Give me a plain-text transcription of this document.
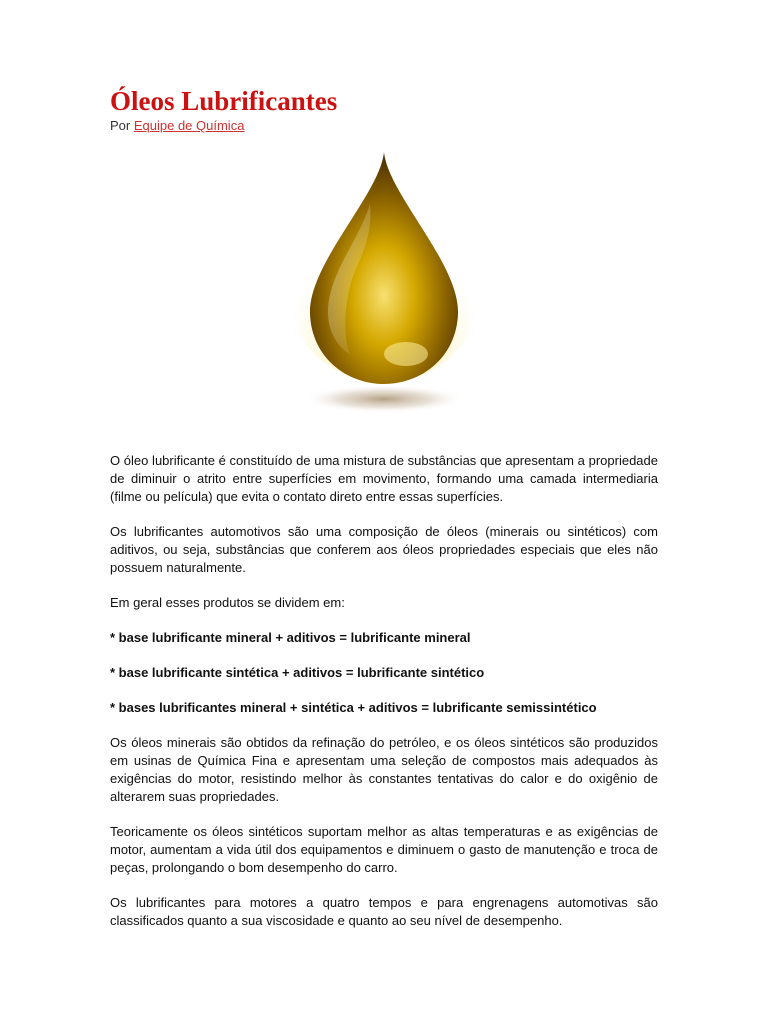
Óleos Lubrificantes
Por Equipe de Química

O óleo lubrificante é constituído de uma mistura de substâncias que apresentam a propriedade de diminuir o atrito entre superfícies em movimento, formando uma camada intermediaria (filme ou película) que evita o contato direto entre essas superfícies.

Os lubrificantes automotivos são uma composição de óleos (minerais ou sintéticos) com aditivos, ou seja, substâncias que conferem aos óleos propriedades especiais que eles não possuem naturalmente.

Em geral esses produtos se dividem em:

* base lubrificante mineral + aditivos = lubrificante mineral

* base lubrificante sintética + aditivos = lubrificante sintético

* bases lubrificantes mineral + sintética + aditivos = lubrificante semissintético

Os óleos minerais são obtidos da refinação do petróleo, e os óleos sintéticos são produzidos em usinas de Química Fina e apresentam uma seleção de compostos mais adequados às exigências do motor, resistindo melhor às constantes tentativas do calor e do oxigênio de alterarem suas propriedades.

Teoricamente os óleos sintéticos suportam melhor as altas temperaturas e as exigências de motor, aumentam a vida útil dos equipamentos e diminuem o gasto de manutenção e troca de peças, prolongando o bom desempenho do carro.

Os lubrificantes para motores a quatro tempos e para engrenagens automotivas são classificados quanto a sua viscosidade e quanto ao seu nível de desempenho.
